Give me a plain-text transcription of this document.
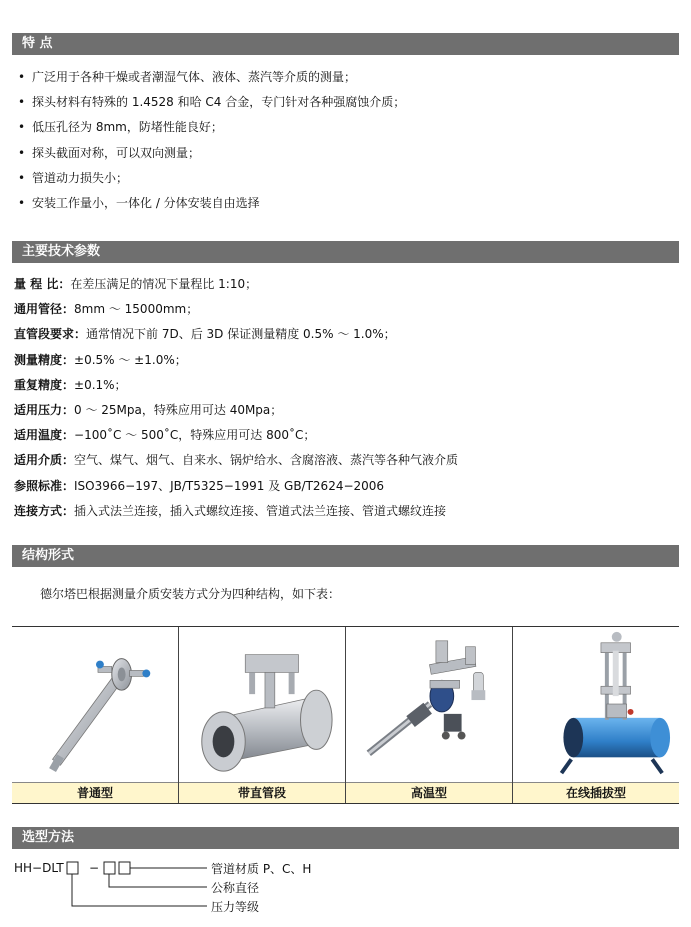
特 点
• 广泛用于各种干燥或者潮湿气体、液体、蒸汽等介质的测量；
• 探头材料有特殊的 1.4528 和哈 C4 合金，专门针对各种强腐蚀介质；
• 低压孔径为 8mm，防堵性能良好；
• 探头截面对称，可以双向测量；
• 管道动力损失小；
• 安装工作量小，一体化 / 分体安装自由选择
主要技术参数
量 程 比：在差压满足的情况下量程比 1:10；
通用管径：8mm ～ 15000mm；
直管段要求：通常情况下前 7D、后 3D 保证测量精度 0.5% ～ 1.0%；
测量精度：±0.5% ～ ±1.0%；
重复精度：±0.1%；
适用压力：0 ～ 25Mpa，特殊应用可达 40Mpa；
适用温度：−100˚C ～ 500˚C，特殊应用可达 800˚C；
适用介质：空气、煤气、烟气、自来水、锅炉给水、含腐溶液、蒸汽等各种气液介质
参照标准：ISO3966−197、JB/T5325−1991 及 GB/T2624−2006
连接方式：插入式法兰连接，插入式螺纹连接、管道式法兰连接、管道式螺纹连接
结构形式
德尔塔巴根据测量介质安装方式分为四种结构，如下表：
普通型	带直管段	高温型	在线插拔型
选型方法
HH−DLT −	管道材质 P、C、H
公称直径
压力等级
